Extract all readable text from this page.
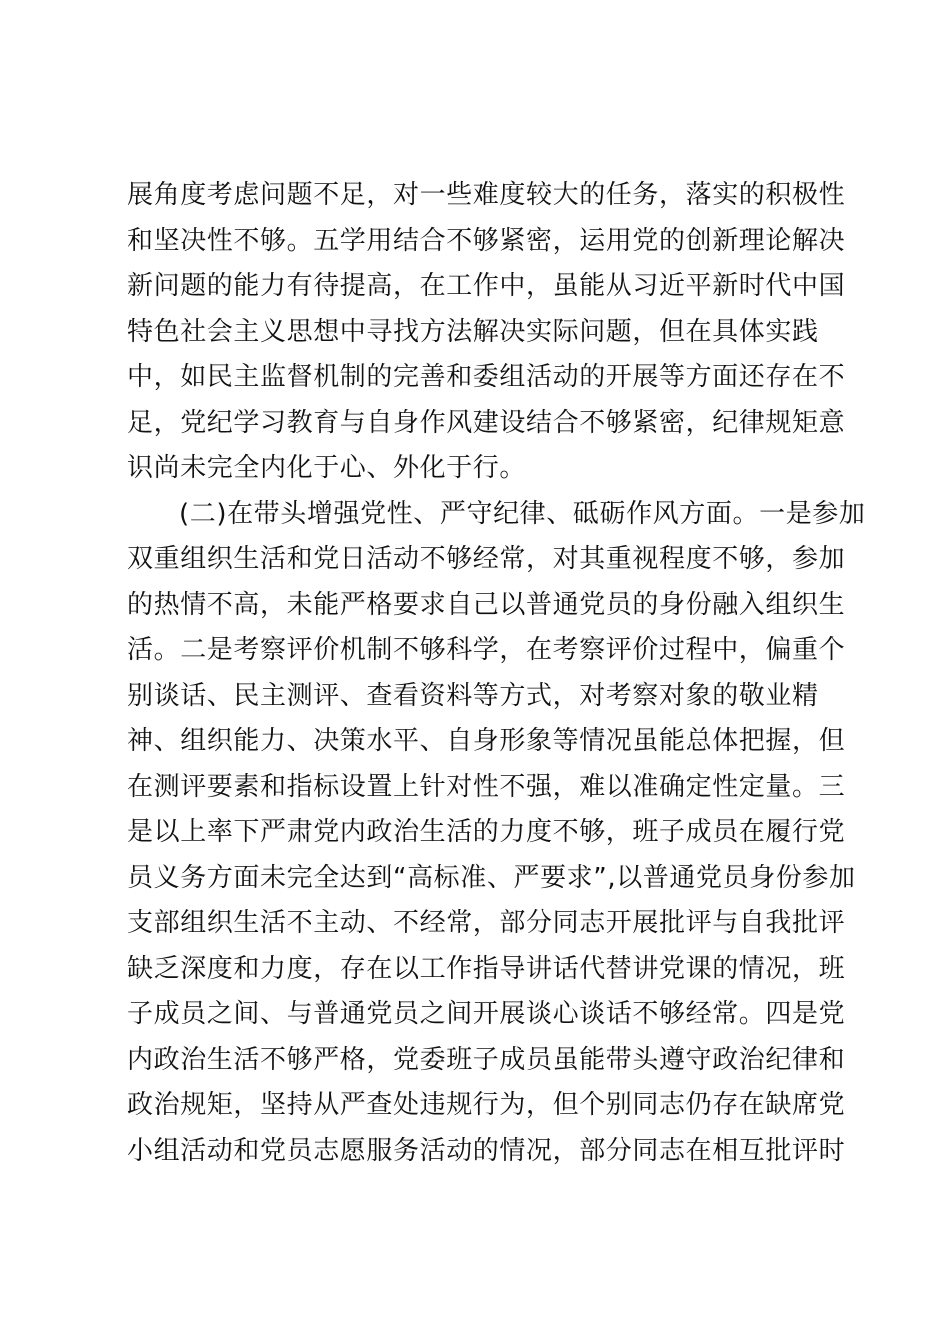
展角度考虑问题不足，对一些难度较大的任务，落实的积极性
和坚决性不够。五学用结合不够紧密，运用党的创新理论解决
新问题的能力有待提高，在工作中，虽能从习近平新时代中国
特色社会主义思想中寻找方法解决实际问题，但在具体实践
中，如民主监督机制的完善和委组活动的开展等方面还存在不
足，党纪学习教育与自身作风建设结合不够紧密，纪律规矩意
识尚未完全内化于心、外化于行。
(二)在带头增强党性、严守纪律、砥砺作风方面。一是参加
双重组织生活和党日活动不够经常，对其重视程度不够，参加
的热情不高，未能严格要求自己以普通党员的身份融入组织生
活。二是考察评价机制不够科学，在考察评价过程中，偏重个
别谈话、民主测评、查看资料等方式，对考察对象的敬业精
神、组织能力、决策水平、自身形象等情况虽能总体把握，但
在测评要素和指标设置上针对性不强，难以准确定性定量。三
是以上率下严肃党内政治生活的力度不够，班子成员在履行党
员义务方面未完全达到“高标准、严要求”,以普通党员身份参加
支部组织生活不主动、不经常，部分同志开展批评与自我批评
缺乏深度和力度，存在以工作指导讲话代替讲党课的情况，班
子成员之间、与普通党员之间开展谈心谈话不够经常。四是党
内政治生活不够严格，党委班子成员虽能带头遵守政治纪律和
政治规矩，坚持从严查处违规行为，但个别同志仍存在缺席党
小组活动和党员志愿服务活动的情况，部分同志在相互批评时
